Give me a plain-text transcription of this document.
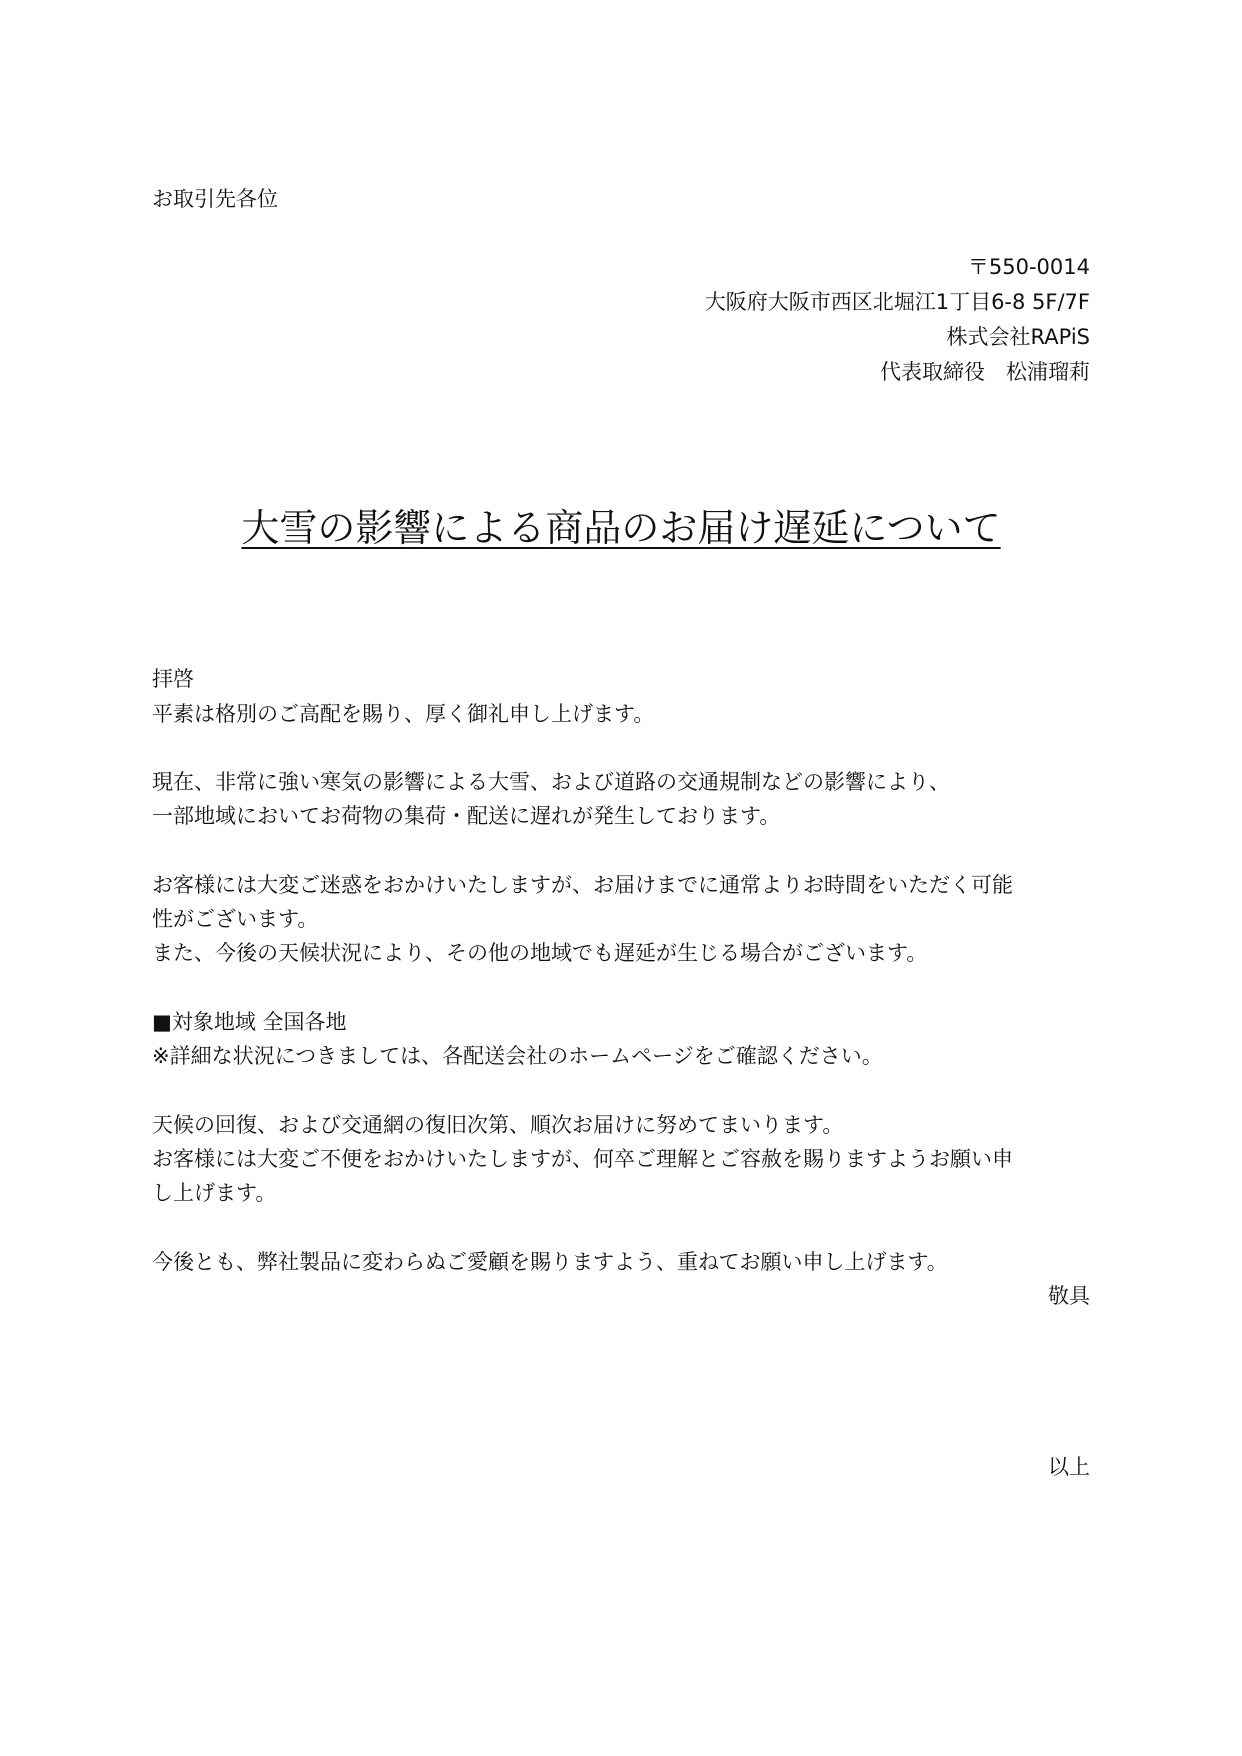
お取引先各位
〒550-0014
大阪府大阪市西区北堀江1丁目6-8 5F/7F
株式会社RAPiS
代表取締役　松浦瑠莉
大雪の影響による商品のお届け遅延について
拝啓
平素は格別のご高配を賜り、厚く御礼申し上げます。
現在、非常に強い寒気の影響による大雪、および道路の交通規制などの影響により、
一部地域においてお荷物の集荷・配送に遅れが発生しております。
お客様には大変ご迷惑をおかけいたしますが、お届けまでに通常よりお時間をいただく可能
性がございます。
また、今後の天候状況により、その他の地域でも遅延が生じる場合がございます。
■対象地域 全国各地
※詳細な状況につきましては、各配送会社のホームページをご確認ください。
天候の回復、および交通網の復旧次第、順次お届けに努めてまいります。
お客様には大変ご不便をおかけいたしますが、何卒ご理解とご容赦を賜りますようお願い申
し上げます。
今後とも、弊社製品に変わらぬご愛顧を賜りますよう、重ねてお願い申し上げます。
敬具
以上
